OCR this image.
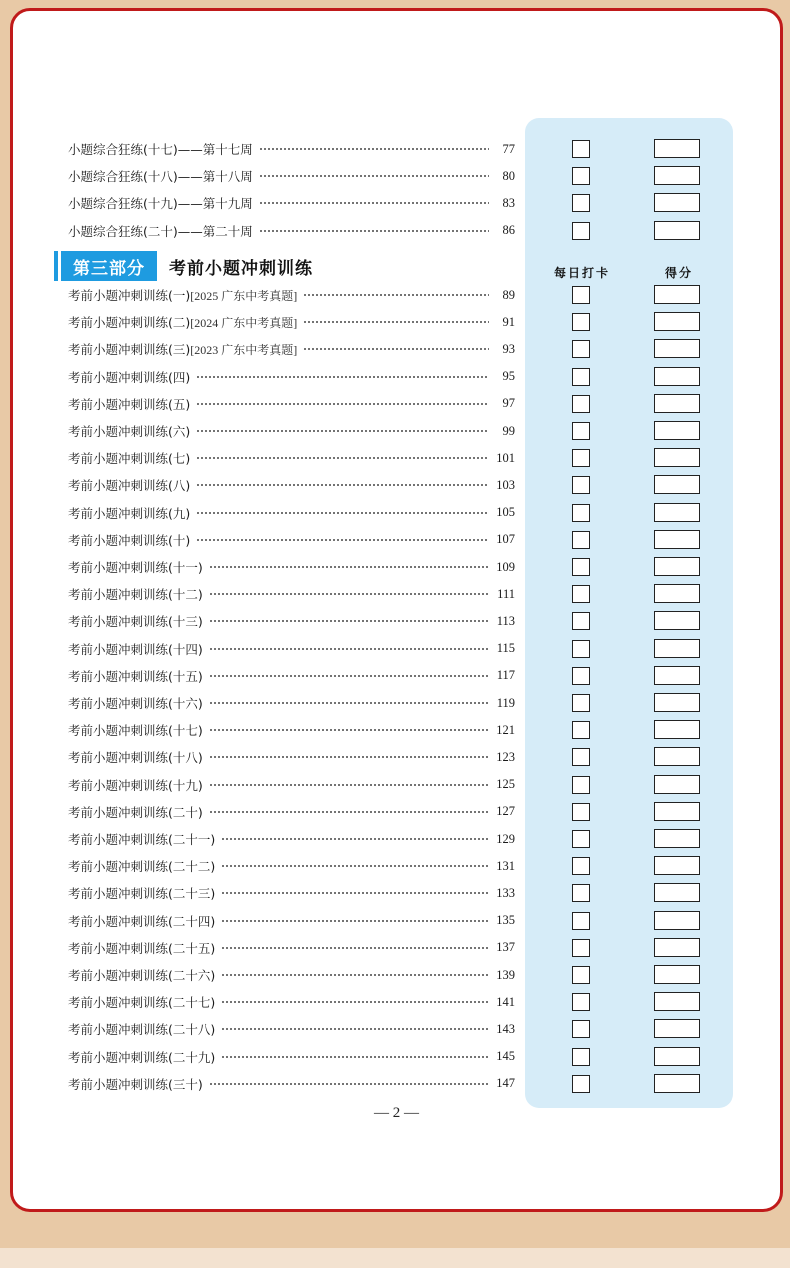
小题综合狂练(十七)——第十七周	77
小题综合狂练(十八)——第十八周	80
小题综合狂练(十九)——第十九周	83
小题综合狂练(二十)——第二十周	86
第三部分	考前小题冲刺训练	每日打卡	得分
考前小题冲刺训练(一) [2025 广东中考真题]	89
考前小题冲刺训练(二) [2024 广东中考真题]	91
考前小题冲刺训练(三) [2023 广东中考真题]	93
考前小题冲刺训练(四)	95
考前小题冲刺训练(五)	97
考前小题冲刺训练(六)	99
考前小题冲刺训练(七)	101
考前小题冲刺训练(八)	103
考前小题冲刺训练(九)	105
考前小题冲刺训练(十)	107
考前小题冲刺训练(十一)	109
考前小题冲刺训练(十二)	111
考前小题冲刺训练(十三)	113
考前小题冲刺训练(十四)	115
考前小题冲刺训练(十五)	117
考前小题冲刺训练(十六)	119
考前小题冲刺训练(十七)	121
考前小题冲刺训练(十八)	123
考前小题冲刺训练(十九)	125
考前小题冲刺训练(二十)	127
考前小题冲刺训练(二十一)	129
考前小题冲刺训练(二十二)	131
考前小题冲刺训练(二十三)	133
考前小题冲刺训练(二十四)	135
考前小题冲刺训练(二十五)	137
考前小题冲刺训练(二十六)	139
考前小题冲刺训练(二十七)	141
考前小题冲刺训练(二十八)	143
考前小题冲刺训练(二十九)	145
考前小题冲刺训练(三十)	147
— 2 —
